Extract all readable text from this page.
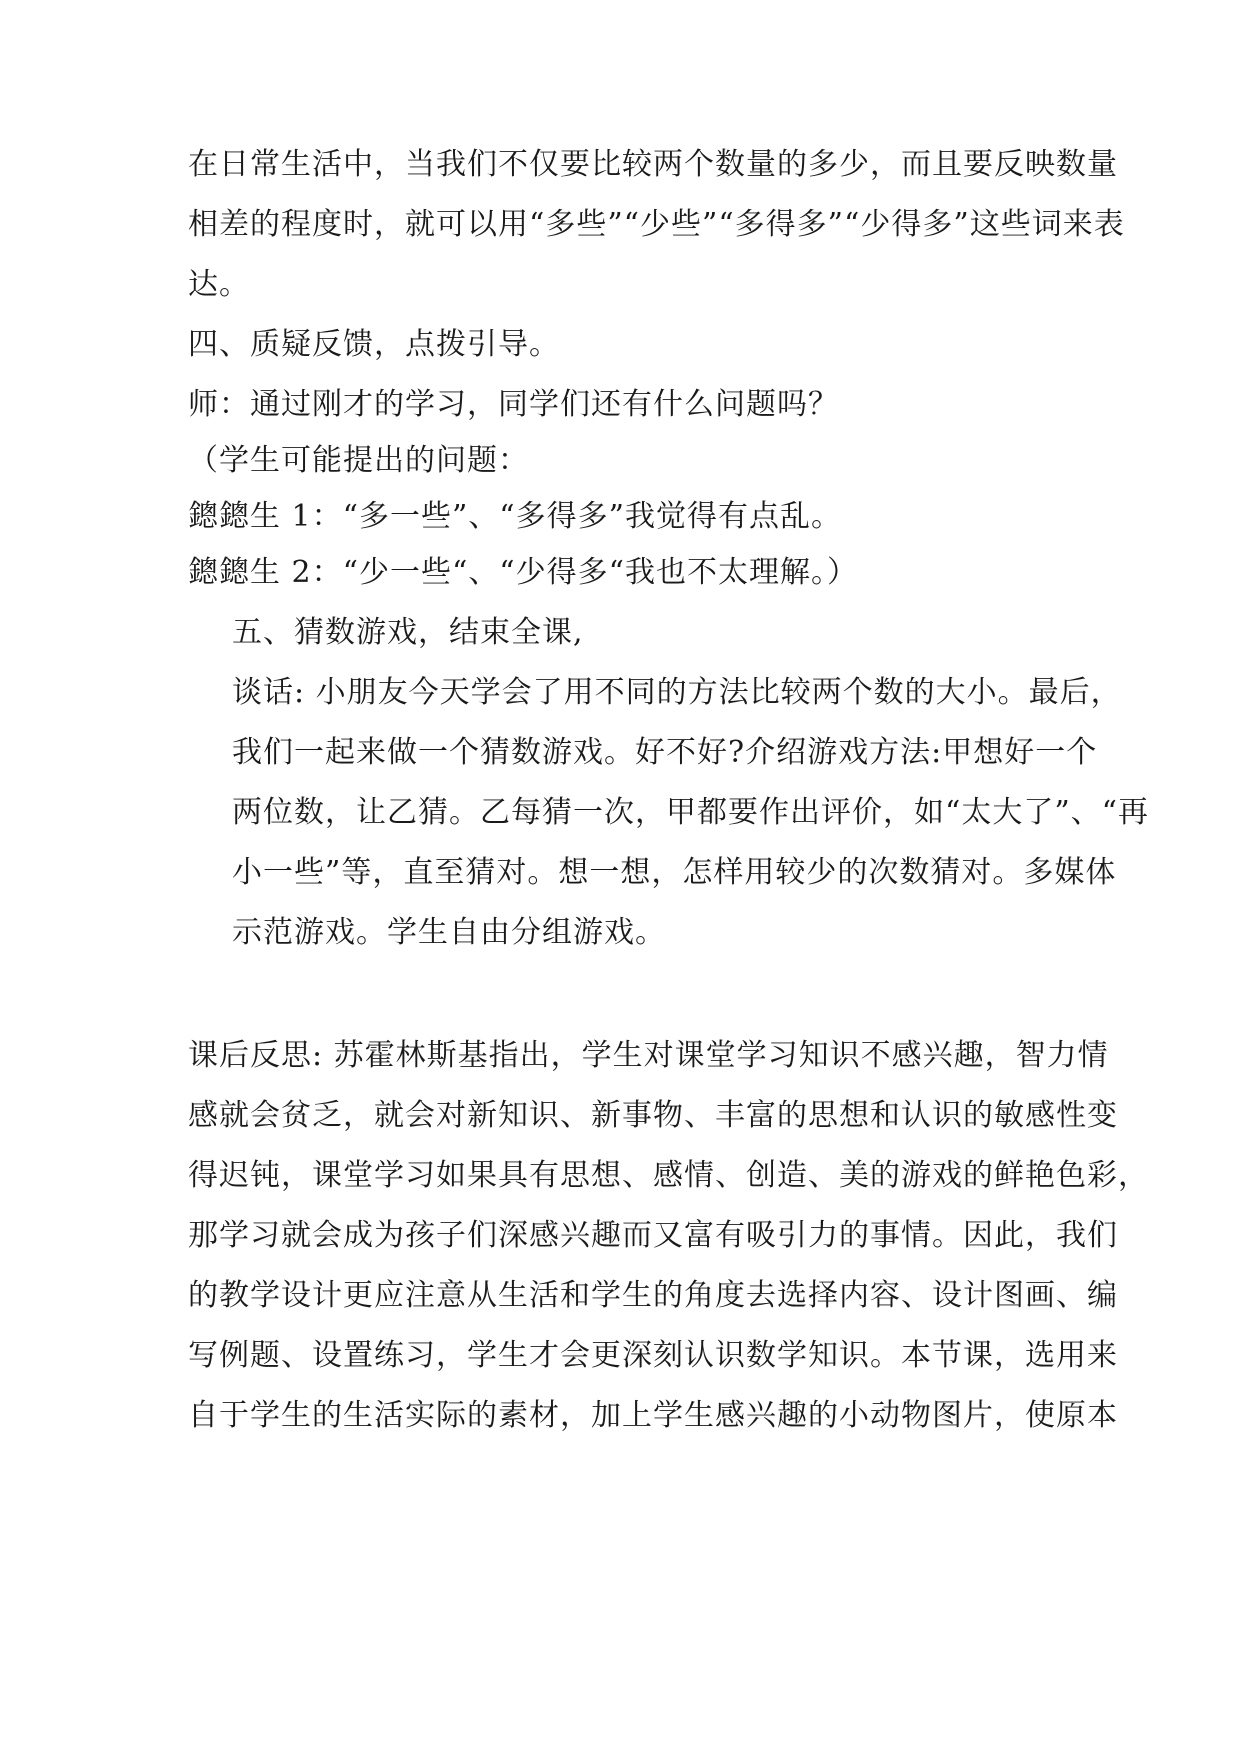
在日常生活中，当我们不仅要比较两个数量的多少，而且要反映数量
相差的程度时，就可以用“多些”“少些”“多得多”“少得多”这些词来表
达。
四、质疑反馈，点拨引导。
师：通过刚才的学习，同学们还有什么问题吗？
（学生可能提出的问题：
鏓鏓生 1：“多一些”、“多得多”我觉得有点乱。
鏓鏓生 2：“少一些“、“少得多“我也不太理解。）
五、猜数游戏，结束全课,
谈话: 小朋友今天学会了用不同的方法比较两个数的大小。最后，
我们一起来做一个猜数游戏。好不好?介绍游戏方法:甲想好一个
两位数，让乙猜。乙每猜一次，甲都要作出评价，如“太大了”、“再
小一些”等，直至猜对。想一想，怎样用较少的次数猜对。多媒体
示范游戏。学生自由分组游戏。
课后反思: 苏霍林斯基指出，学生对课堂学习知识不感兴趣，智力情
感就会贫乏，就会对新知识、新事物、丰富的思想和认识的敏感性变
得迟钝，课堂学习如果具有思想、感情、创造、美的游戏的鲜艳色彩，
那学习就会成为孩子们深感兴趣而又富有吸引力的事情。因此，我们
的教学设计更应注意从生活和学生的角度去选择内容、设计图画、编
写例题、设置练习，学生才会更深刻认识数学知识。本节课，选用来
自于学生的生活实际的素材，加上学生感兴趣的小动物图片，使原本
